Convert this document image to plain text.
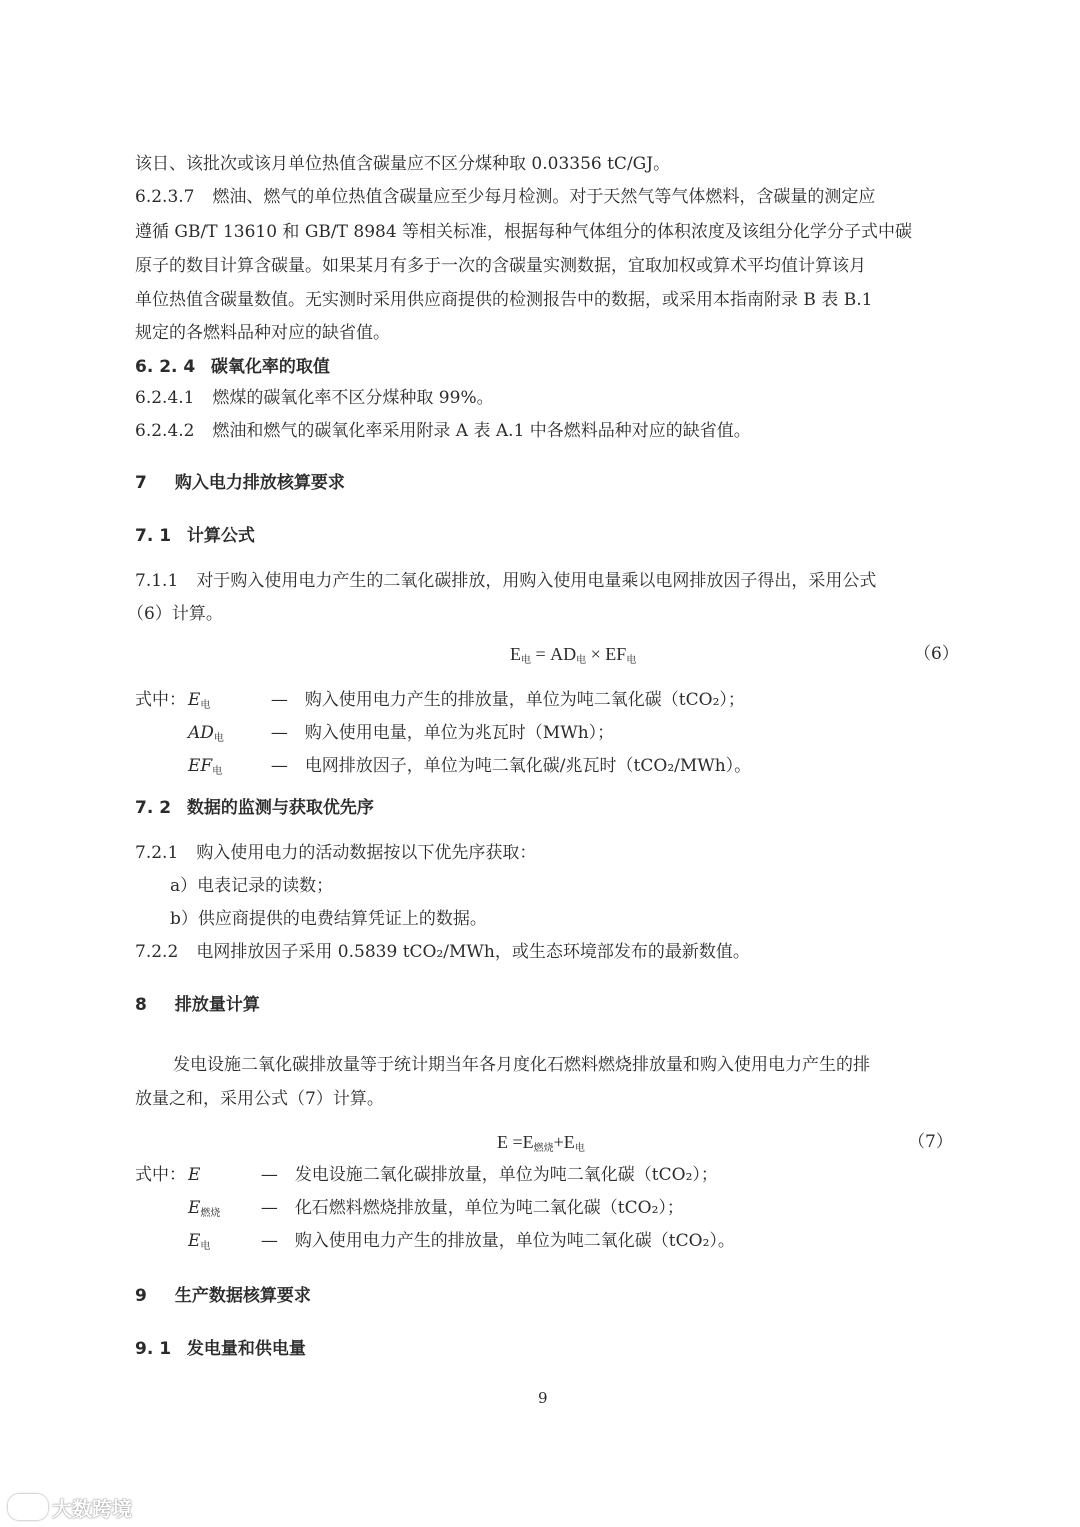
该日、该批次或该月单位热值含碳量应不区分煤种取 0.03356 tC/GJ。
6.2.3.7 燃油、燃气的单位热值含碳量应至少每月检测。对于天然气等气体燃料，含碳量的测定应
遵循 GB/T 13610 和 GB/T 8984 等相关标准，根据每种气体组分的体积浓度及该组分化学分子式中碳
原子的数目计算含碳量。如果某月有多于一次的含碳量实测数据，宜取加权或算术平均值计算该月
单位热值含碳量数值。无实测时采用供应商提供的检测报告中的数据，或采用本指南附录 B 表 B.1
规定的各燃料品种对应的缺省值。
6. 2. 4 碳氧化率的取值
6.2.4.1 燃煤的碳氧化率不区分煤种取 99%。
6.2.4.2 燃油和燃气的碳氧化率采用附录 A 表 A.1 中各燃料品种对应的缺省值。
7 购入电力排放核算要求
7. 1 计算公式
7.1.1 对于购入使用电力产生的二氧化碳排放，用购入使用电量乘以电网排放因子得出，采用公式
（6）计算。
$E_电 = AD_电 \times EF_电$	（6）
式中： $E_电$	— 购入使用电力产生的排放量，单位为吨二氧化碳（tCO₂）；
$AD_电$	— 购入使用电量，单位为兆瓦时（MWh）；
$EF_电$	— 电网排放因子，单位为吨二氧化碳/兆瓦时（tCO₂/MWh）。
7. 2 数据的监测与获取优先序
7.2.1 购入使用电力的活动数据按以下优先序获取：
a）电表记录的读数；
b）供应商提供的电费结算凭证上的数据。
7.2.2 电网排放因子采用 0.5839 tCO₂/MWh，或生态环境部发布的最新数值。
8 排放量计算
发电设施二氧化碳排放量等于统计期当年各月度化石燃料燃烧排放量和购入使用电力产生的排
放量之和，采用公式（7）计算。
$E =E_{燃烧}+E_电$	（7）
式中： E	— 发电设施二氧化碳排放量，单位为吨二氧化碳（tCO₂）；
$E_{燃烧}$ — 化石燃料燃烧排放量，单位为吨二氧化碳（tCO₂）；
$E_电$	— 购入使用电力产生的排放量，单位为吨二氧化碳（tCO₂）。
9 生产数据核算要求
9. 1 发电量和供电量
9
大数跨境
